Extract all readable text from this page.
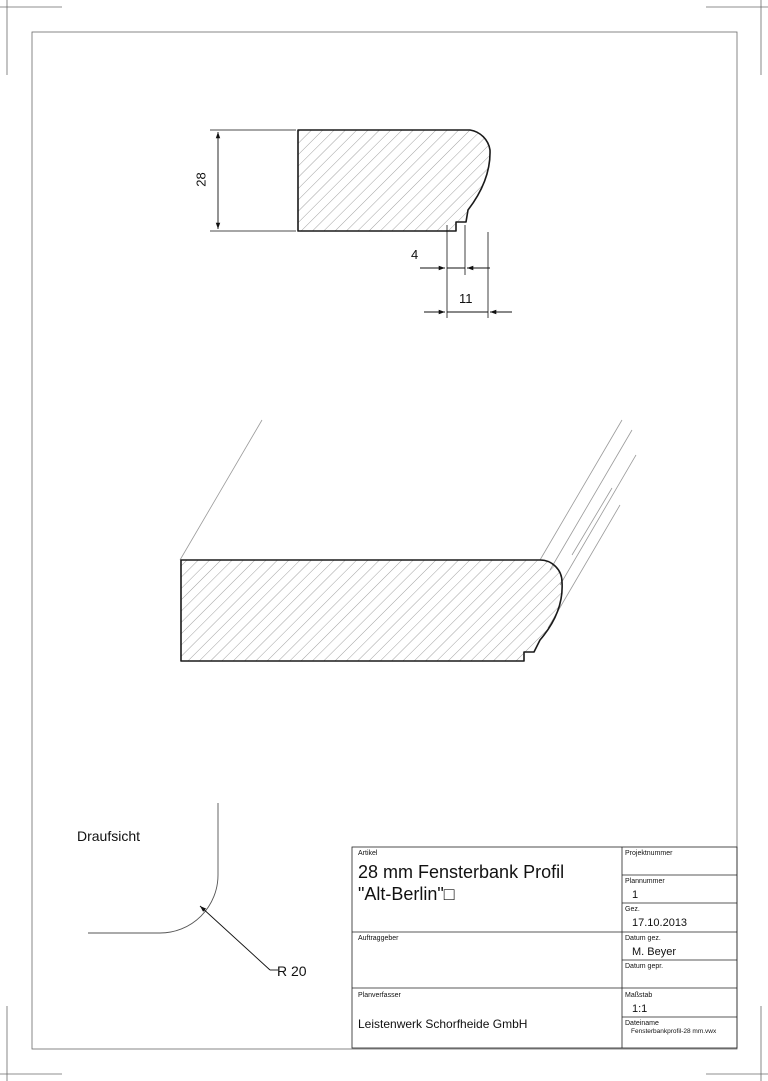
28
4
11
Draufsicht
R 20
Artikel
28 mm Fensterbank Profil
"Alt-Berlin"□
Projektnummer
Plannummer
1
Gez.
17.10.2013
Auftraggeber	Datum gez.
M. Beyer
Datum gepr.
Planverfasser
Leistenwerk Schorfheide GmbH
Maßstab
1:1
Dateiname
Fensterbankprofil-28 mm.vwx
